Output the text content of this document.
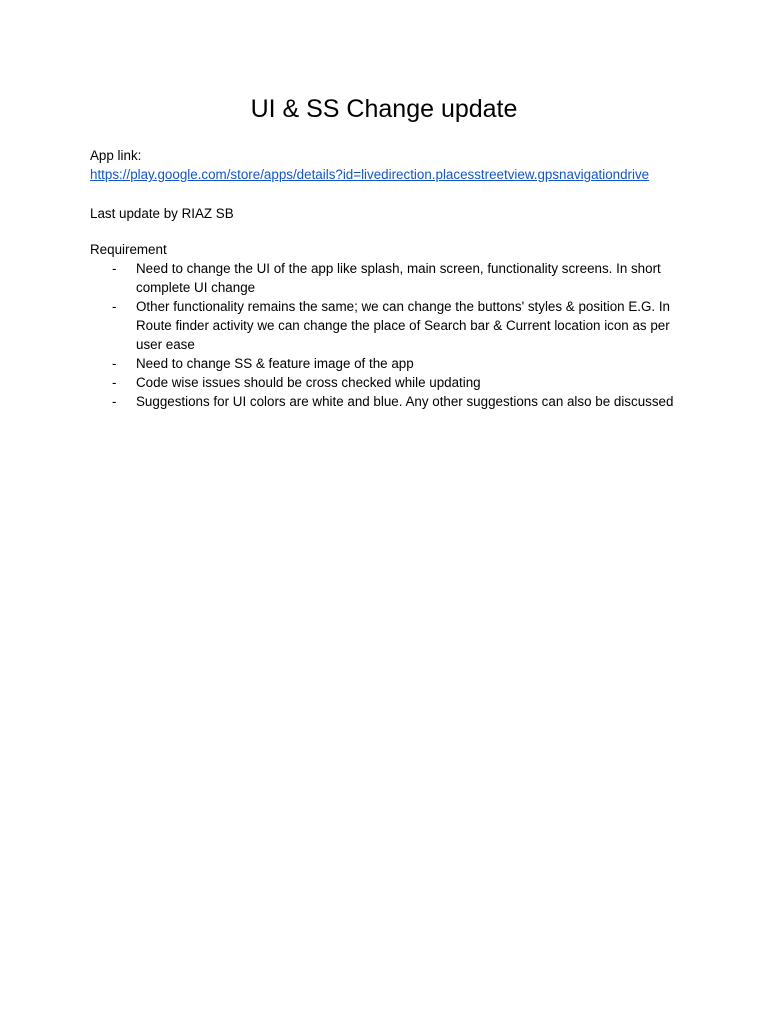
UI & SS Change update
App link:
https://play.google.com/store/apps/details?id=livedirection.placesstreetview.gpsnavigationdrive
Last update by RIAZ SB
Requirement
- Need to change the UI of the app like splash, main screen, functionality screens. In short complete UI change
- Other functionality remains the same; we can change the buttons' styles & position E.G. In Route finder activity we can change the place of Search bar & Current location icon as per user ease
- Need to change SS & feature image of the app
- Code wise issues should be cross checked while updating
- Suggestions for UI colors are white and blue. Any other suggestions can also be discussed
